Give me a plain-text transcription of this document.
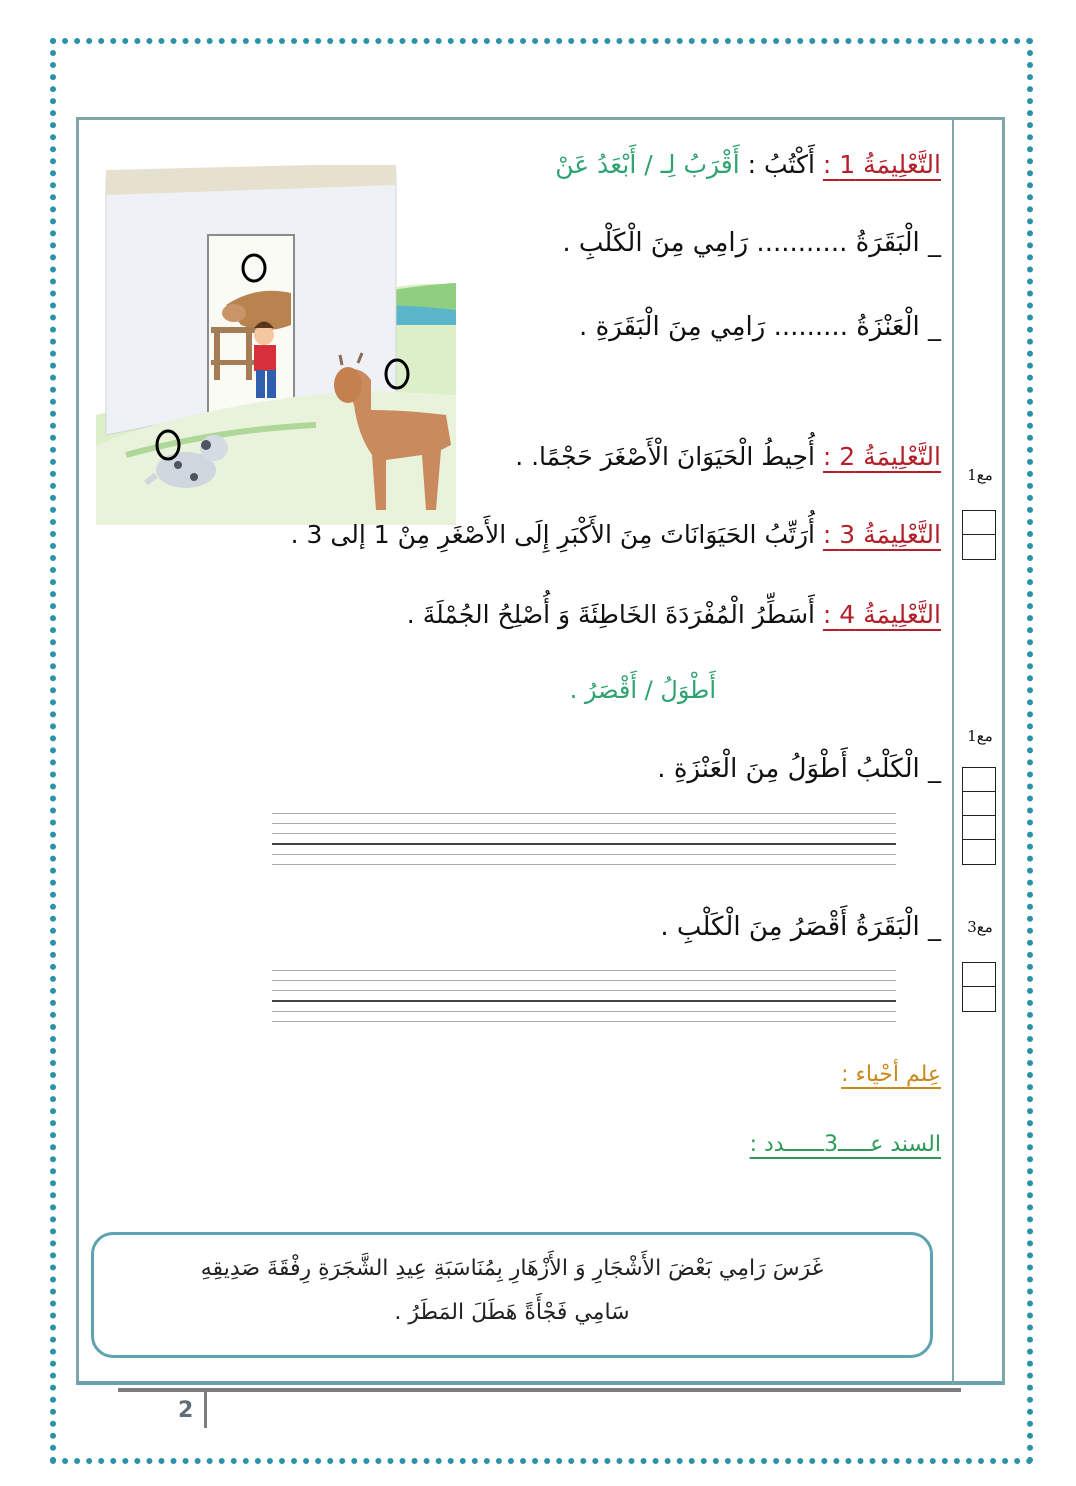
التَّعْلِيمَةُ 1 : أَكْتُبُ : أَقْرَبُ لِـ / أَبْعَدُ عَنْ
_ الْبَقَرَةُ ........... رَامِي مِنَ الْكَلْبِ .
_ الْعَنْزَةُ ......... رَامِي مِنَ الْبَقَرَةِ .
التَّعْلِيمَةُ 2 : أُحِيطُ الْحَيَوَانَ الْأَصْغَرَ حَجْمًا. .
التَّعْلِيمَةُ 3 : أُرَتِّبُ الحَيَوَانَاتَ مِنَ الأَكْبَرِ إِلَى الأَصْغَرِ مِنْ 1 إلى 3 .
التَّعْلِيمَةُ 4 : أَسَطِّرُ الْمُفْرَدَةَ الخَاطِئَةَ وَ أُصْلِحُ الجُمْلَةَ .
أَطْوَلُ / أَقْصَرُ .
_ الْكَلْبُ أَطْوَلُ مِنَ الْعَنْزَةِ .
_ الْبَقَرَةُ أَقْصَرُ مِنَ الْكَلْبِ .
مع1
مع1
مع3
عِلم أحْياء :
السند عـــــ3ــــــدد :
غَرَسَ رَامِي بَعْضَ الأَشْجَارِ وَ الأَزْهَارِ بِمُنَاسَبَةِ عِيدِ الشَّجَرَةِ رِفْقَةَ صَدِيقِهِ
سَامِي فَجْأَةً هَطَلَ المَطَرُ .
2
